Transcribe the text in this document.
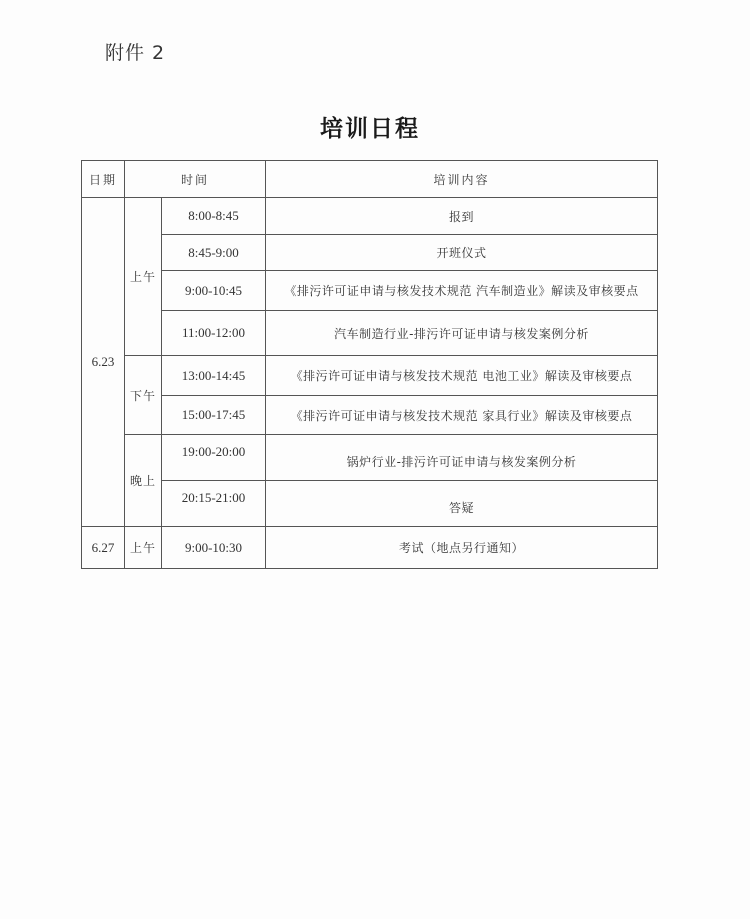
附件 2
培训日程
日期	时间		培训内容
6.23	上午	8:00-8:45	报到
		8:45-9:00	开班仪式
		9:00-10:45	《排污许可证申请与核发技术规范 汽车制造业》解读及审核要点
		11:00-12:00	汽车制造行业-排污许可证申请与核发案例分析
	下午	13:00-14:45	《排污许可证申请与核发技术规范 电池工业》解读及审核要点
		15:00-17:45	《排污许可证申请与核发技术规范 家具行业》解读及审核要点
	晚上	19:00-20:00	锅炉行业-排污许可证申请与核发案例分析
		20:15-21:00	答疑
6.27	上午	9:00-10:30	考试（地点另行通知）
